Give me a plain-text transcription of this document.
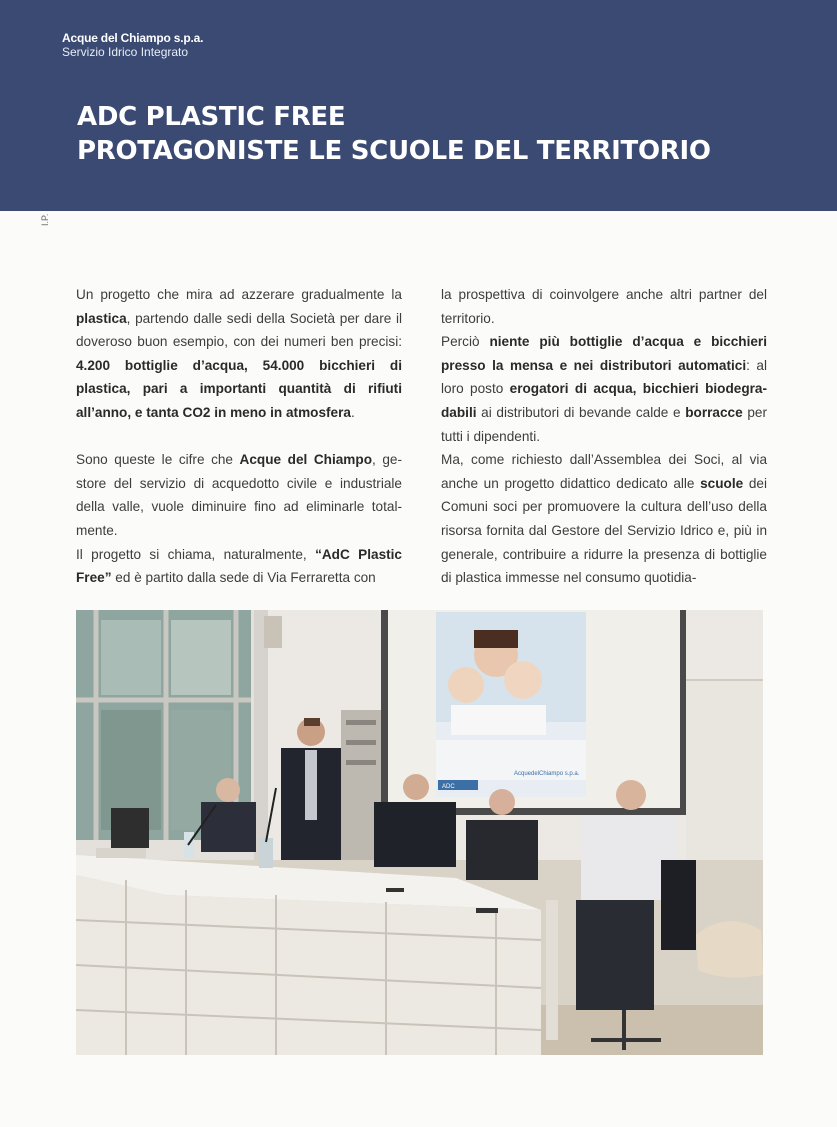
Acque del Chiampo s.p.a.
Servizio Idrico Integrato
ADC PLASTIC FREE
PROTAGONISTE LE SCUOLE DEL TERRITORIO
I.P.

Un progetto che mira ad azzerare gradualmente la plastica, partendo dalle sedi della Società per dare il doveroso buon esempio, con dei numeri ben precisi: 4.200 bottiglie d’acqua, 54.000 bicchieri di plastica, pari a importanti quantità di rifiuti all’anno, e tanta CO2 in meno in atmosfera.

Sono queste le cifre che Acque del Chiampo, gestore del servizio di acquedotto civile e industriale della valle, vuole diminuire fino ad eliminarle totalmente.

Il progetto si chiama, naturalmente, “AdC Plastic Free” ed è partito dalla sede di Via Ferraretta con

la prospettiva di coinvolgere anche altri partner del territorio.

Perciò niente più bottiglie d’acqua e bicchieri presso la mensa e nei distributori automatici: al loro posto erogatori di acqua, bicchieri biodegradabili ai distributori di bevande calde e borracce per tutti i dipendenti.

Ma, come richiesto dall’Assemblea dei Soci, al via anche un progetto didattico dedicato alle scuole dei Comuni soci per promuovere la cultura dell’uso della risorsa fornita dal Gestore del Servizio Idrico e, più in generale, contribuire a ridurre la presenza di bottiglie di plastica immesse nel consumo quotidia-

AcquedelChiampo s.p.a.
ADC
